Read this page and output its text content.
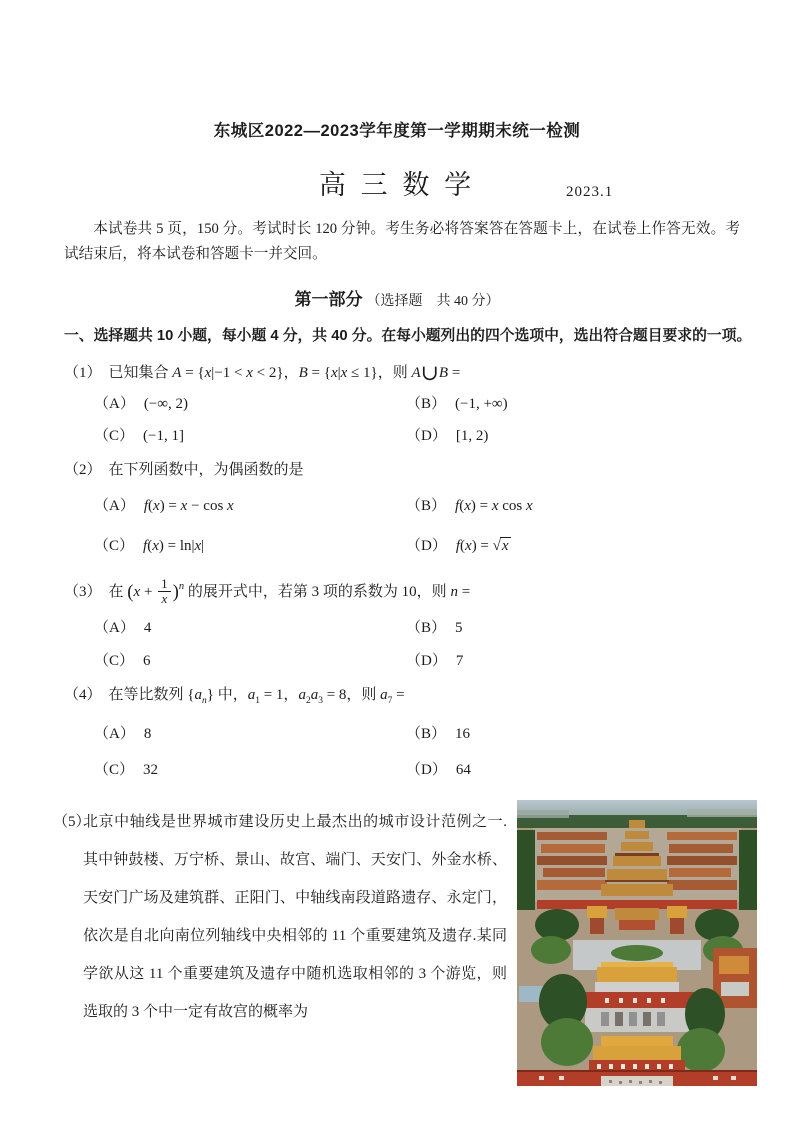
东城区2022—2023学年度第一学期期末统一检测
高 三 数 学	2023.1
本试卷共 5 页，150 分。考试时长 120 分钟。考生务必将答案答在答题卡上，在试卷上作答无效。考试结束后，将本试卷和答题卡一并交回。
第一部分 （选择题　共 40 分）
一、选择题共 10 小题，每小题 4 分，共 40 分。在每小题列出的四个选项中，选出符合题目要求的一项。
（1） 已知集合 A = {x|−1 < x < 2}，B = {x|x ≤ 1}，则 A∪B =
（A） (−∞, 2)	（B） (−1, +∞)
（C） (−1, 1]	（D） [1, 2)
（2） 在下列函数中，为偶函数的是
（A） f(x) = x − cos x	（B） f(x) = x cos x
（C） f(x) = ln|x|	（D） f(x) = √x
（3） 在 $(x + \frac{1}{x} )^n$ 的展开式中，若第 3 项的系数为 10，则 n =
（A） 4	（B） 5
（C） 6	（D） 7
（4） 在等比数列 $\{a_n\}$ 中，$a_1 = 1$，$a_2a_3 = 8$，则 $a_7$ =
（A） 8	（B） 16
（C） 32	（D） 64
（5）
北京中轴线是世界城市建设历史上最杰出的城市设计范例之一. 其中钟鼓楼、万宁桥、景山、故宫、端门、天安门、外金水桥、天安门广场及建筑群、正阳门、中轴线南段道路遗存、永定门，依次是自北向南位列轴线中央相邻的 11 个重要建筑及遗存.某同学欲从这 11 个重要建筑及遗存中随机选取相邻的 3 个游览，则选取的 3 个中一定有故宫的概率为
